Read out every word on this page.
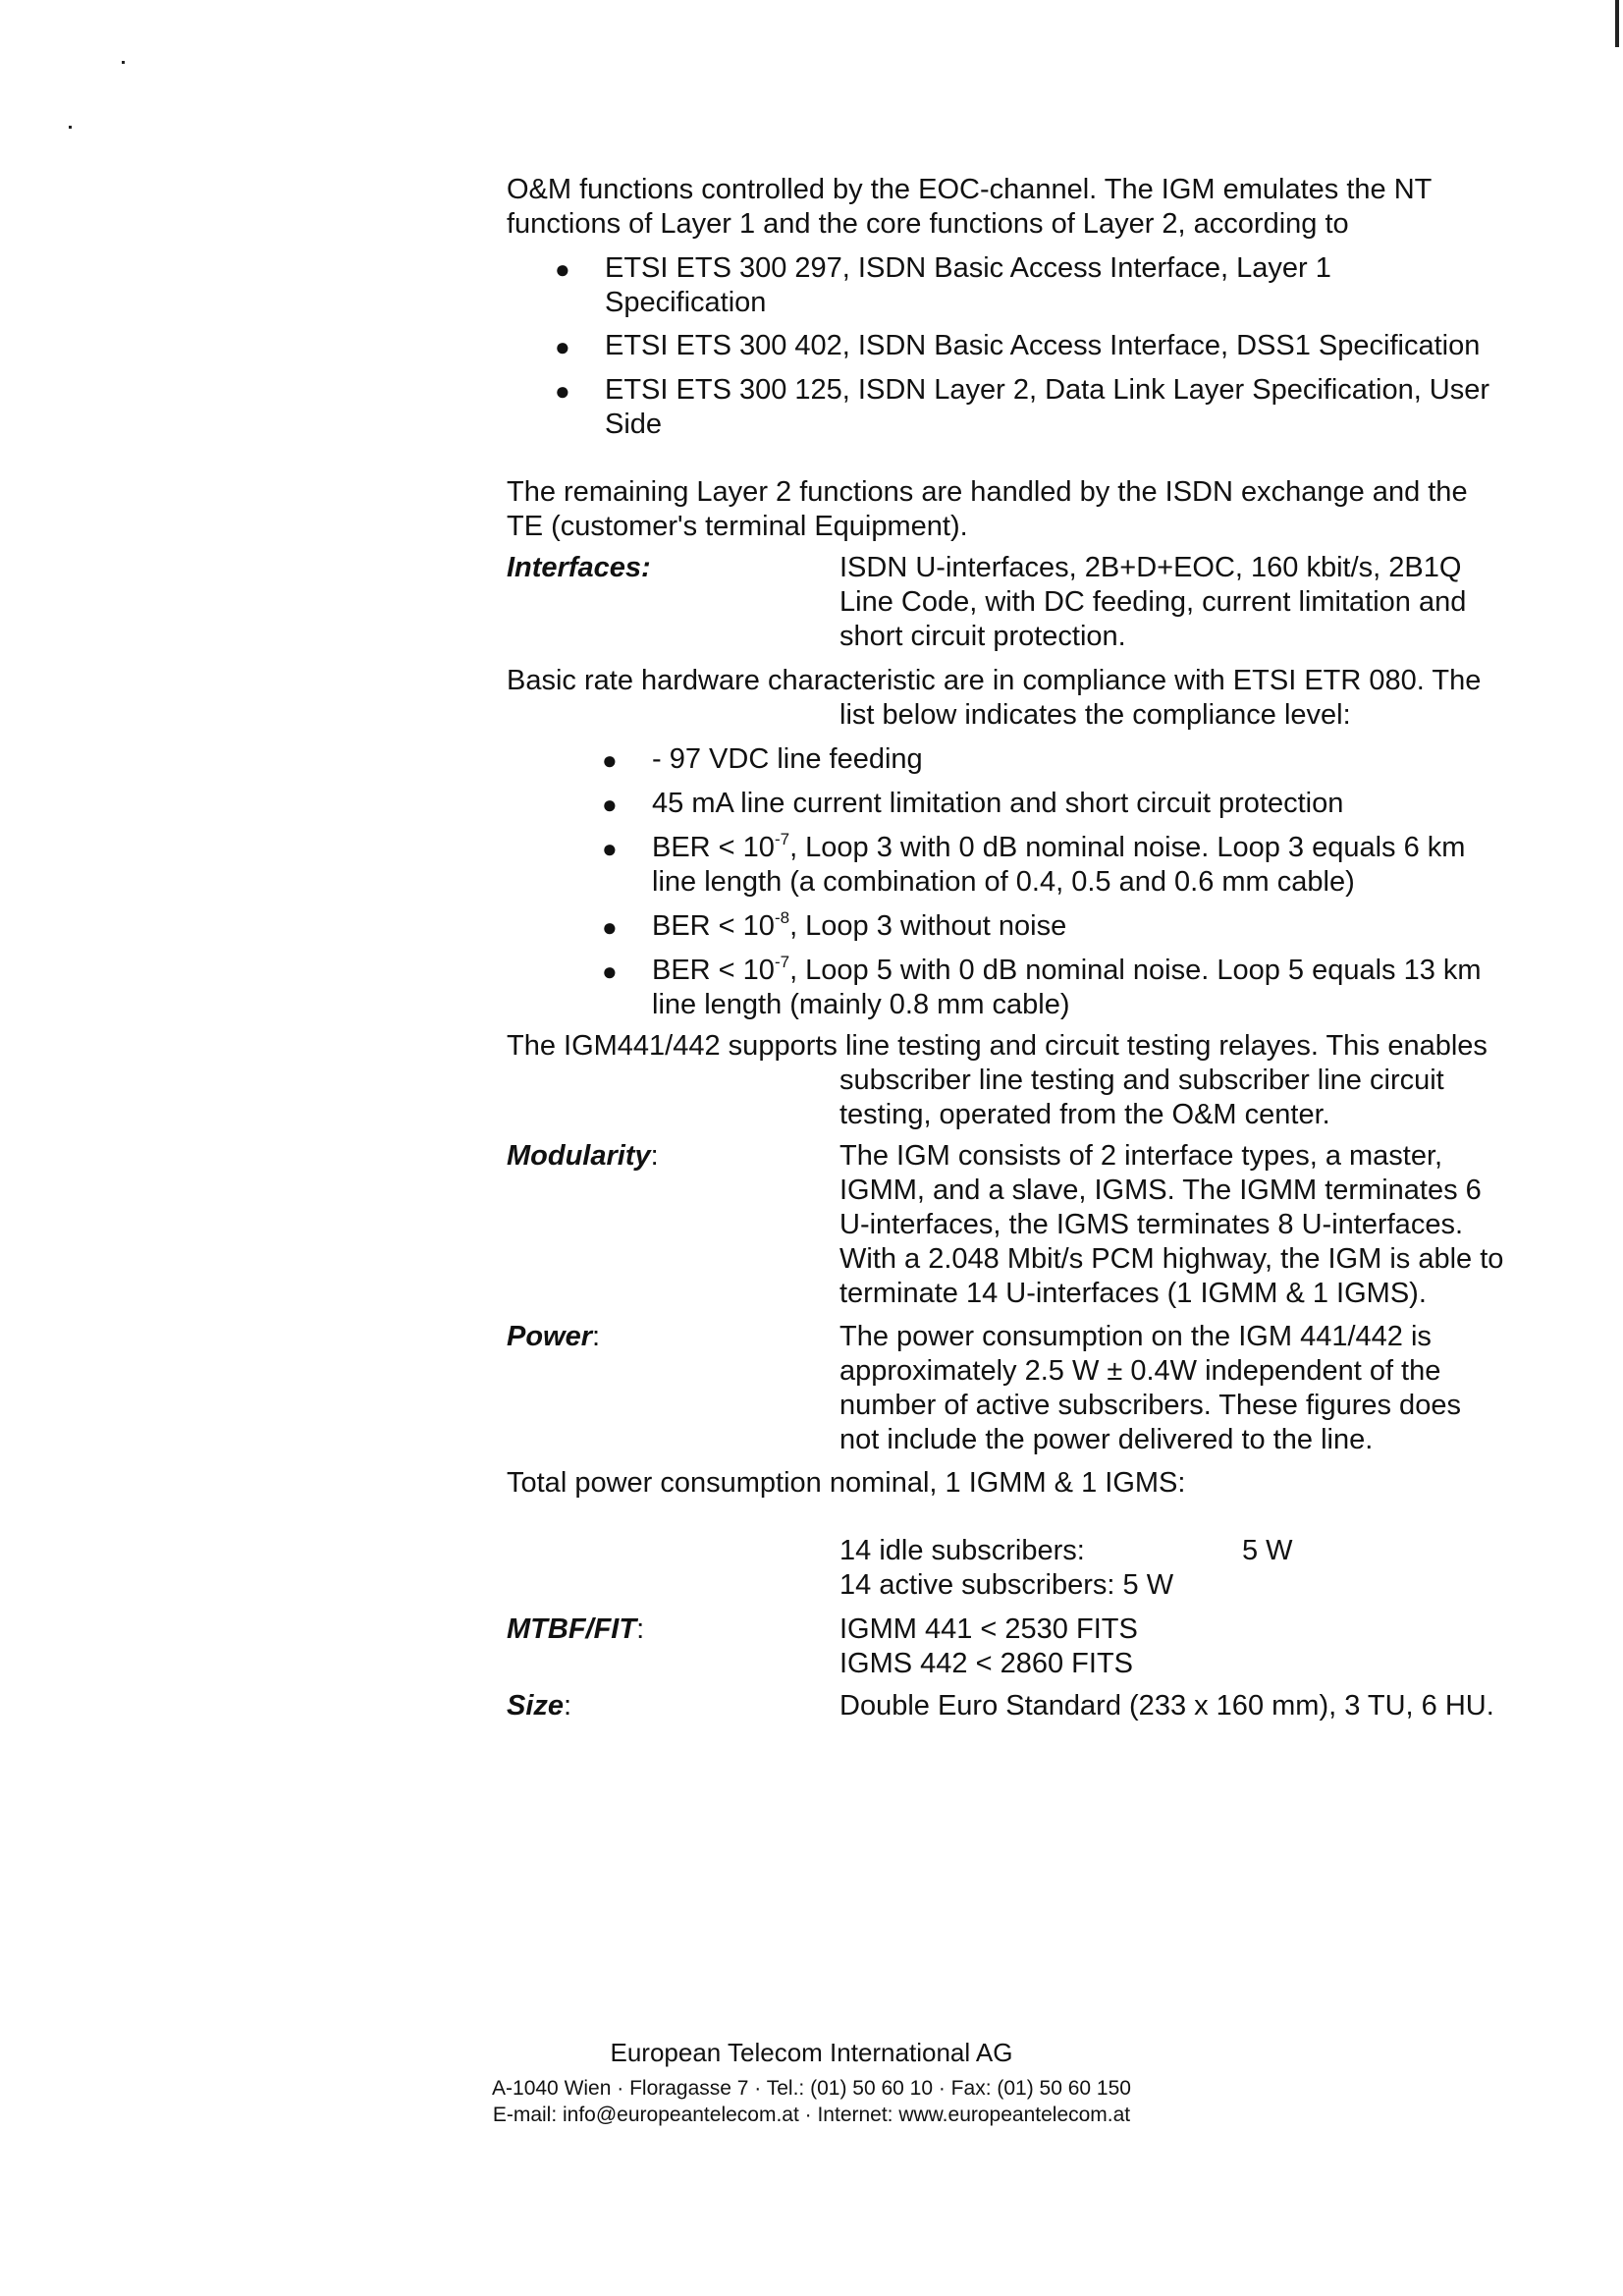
O&M functions controlled by the EOC-channel. The IGM emulates the NT
functions of Layer 1 and the core functions of Layer 2, according to
● ETSI ETS 300 297, ISDN Basic Access Interface, Layer 1
Specification
● ETSI ETS 300 402, ISDN Basic Access Interface, DSS1 Specification
● ETSI ETS 300 125, ISDN Layer 2, Data Link Layer Specification, User
Side
The remaining Layer 2 functions are handled by the ISDN exchange and the
TE (customer's terminal Equipment).
Interfaces:	ISDN U-interfaces, 2B+D+EOC, 160 kbit/s, 2B1Q
Line Code, with DC feeding, current limitation and
short circuit protection.
Basic rate hardware characteristic are in compliance with ETSI ETR 080. The
list below indicates the compliance level:
● - 97 VDC line feeding
● 45 mA line current limitation and short circuit protection
● BER < $10^{-7}$, Loop 3 with 0 dB nominal noise. Loop 3 equals 6 km
line length (a combination of 0.4, 0.5 and 0.6 mm cable)
● BER < $10^{-8}$, Loop 3 without noise
● BER < $10^{-7}$, Loop 5 with 0 dB nominal noise. Loop 5 equals 13 km
line length (mainly 0.8 mm cable)
The IGM441/442 supports line testing and circuit testing relayes. This enables
subscriber line testing and subscriber line circuit
testing, operated from the O&M center.
Modularity:	The IGM consists of 2 interface types, a master,
IGMM, and a slave, IGMS. The IGMM terminates 6
U-interfaces, the IGMS terminates 8 U-interfaces.
With a 2.048 Mbit/s PCM highway, the IGM is able to
terminate 14 U-interfaces (1 IGMM & 1 IGMS).
Power:	The power consumption on the IGM 441/442 is
approximately 2.5 W ± 0.4W independent of the
number of active subscribers. These figures does
not include the power delivered to the line.
Total power consumption nominal, 1 IGMM & 1 IGMS:
14 idle subscribers:	5 W
14 active subscribers: 5 W
MTBF/FIT:	IGMM 441 < 2530 FITS
IGMS 442 < 2860 FITS
Size:	Double Euro Standard (233 x 160 mm), 3 TU, 6 HU.
European Telecom International AG
A-1040 Wien · Floragasse 7 · Tel.: (01) 50 60 10 · Fax: (01) 50 60 150
E-mail: info@europeantelecom.at · Internet: www.europeantelecom.at
